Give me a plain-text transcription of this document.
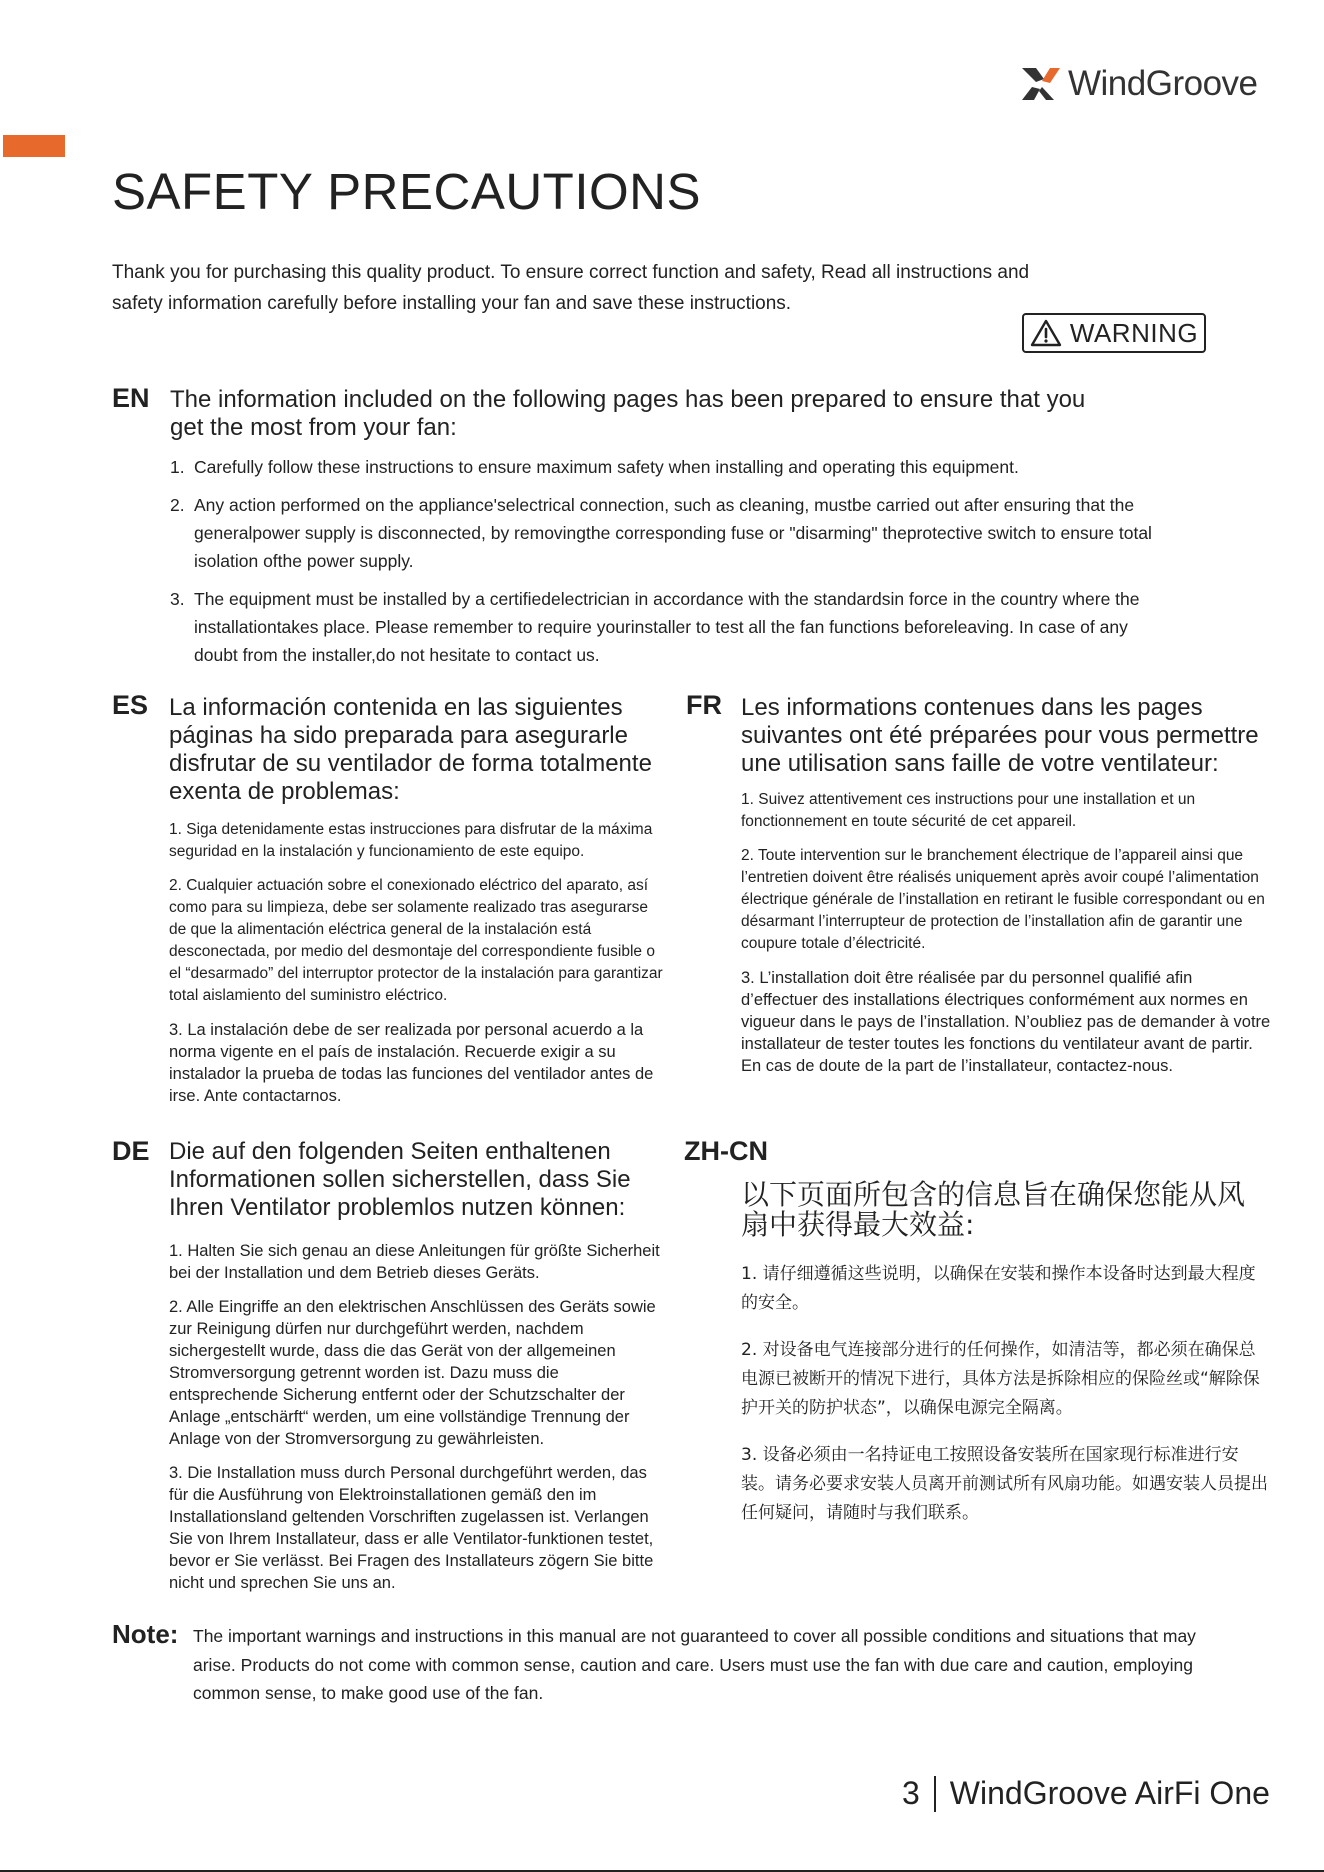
WindGroove
SAFETY PRECAUTIONS
Thank you for purchasing this quality product. To ensure correct function and safety, Read all instructions and safety information carefully before installing your fan and save these instructions.
WARNING
EN The information included on the following pages has been prepared to ensure that you get the most from your fan:
1. Carefully follow these instructions to ensure maximum safety when installing and operating this equipment.
2. Any action performed on the appliance'selectrical connection, such as cleaning, mustbe carried out after ensuring that the generalpower supply is disconnected, by removingthe corresponding fuse or "disarming" theprotective switch to ensure total isolation ofthe power supply.
3. The equipment must be installed by a certifiedelectrician in accordance with the standardsin force in the country where the installationtakes place. Please remember to require yourinstaller to test all the fan functions beforeleaving. In case of any doubt from the installer,do not hesitate to contact us.
ES La información contenida en las siguientes páginas ha sido preparada para asegurarle disfrutar de su ventilador de forma totalmente exenta de problemas:
1. Siga detenidamente estas instrucciones para disfrutar de la máxima seguridad en la instalación y funcionamiento de este equipo.
2. Cualquier actuación sobre el conexionado eléctrico del aparato, así como para su limpieza, debe ser solamente realizado tras asegurarse de que la alimentación eléctrica general de la instalación está desconectada, por medio del desmontaje del correspondiente fusible o el “desarmado” del interruptor protector de la instalación para garantizar total aislamiento del suministro eléctrico.
3. La instalación debe de ser realizada por personal acuerdo a la norma vigente en el país de instalación. Recuerde exigir a su instalador la prueba de todas las funciones del ventilador antes de irse. Ante contactarnos.
FR Les informations contenues dans les pages suivantes ont été préparées pour vous permettre une utilisation sans faille de votre ventilateur:
1. Suivez attentivement ces instructions pour une installation et un fonctionnement en toute sécurité de cet appareil.
2. Toute intervention sur le branchement électrique de l’appareil ainsi que l’entretien doivent être réalisés uniquement après avoir coupé l’alimentation électrique générale de l’installation en retirant le fusible correspondant ou en désarmant l’interrupteur de protection de l’installation afin de garantir une coupure totale d’électricité.
3. L’installation doit être réalisée par du personnel qualifié afin d’effectuer des installations électriques conformément aux normes en vigueur dans le pays de l’installation. N’oubliez pas de demander à votre installateur de tester toutes les fonctions du ventilateur avant de partir. En cas de doute de la part de l’installateur, contactez-nous.
DE Die auf den folgenden Seiten enthaltenen Informationen sollen sicherstellen, dass Sie Ihren Ventilator problemlos nutzen können:
1. Halten Sie sich genau an diese Anleitungen für größte Sicherheit bei der Installation und dem Betrieb dieses Geräts.
2. Alle Eingriffe an den elektrischen Anschlüssen des Geräts sowie zur Reinigung dürfen nur durchgeführt werden, nachdem sichergestellt wurde, dass die das Gerät von der allgemeinen Stromversorgung getrennt worden ist. Dazu muss die entsprechende Sicherung entfernt oder der Schutzschalter der Anlage „entschärft“ werden, um eine vollständige Trennung der Anlage von der Stromversorgung zu gewährleisten.
3. Die Installation muss durch Personal durchgeführt werden, das für die Ausführung von Elektroinstallationen gemäß den im Installationsland geltenden Vorschriften zugelassen ist. Verlangen Sie von Ihrem Installateur, dass er alle Ventilator-funktionen testet, bevor er Sie verlässt. Bei Fragen des Installateurs zögern Sie bitte nicht und sprechen Sie uns an.
ZH-CN
以下页面所包含的信息旨在确保您能从风扇中获得最大效益:
1. 请仔细遵循这些说明，以确保在安装和操作本设备时达到最大程度的安全。
2. 对设备电气连接部分进行的任何操作，如清洁等，都必须在确保总电源已被断开的情况下进行，具体方法是拆除相应的保险丝或“解除保护开关的防护状态”，以确保电源完全隔离。
3. 设备必须由一名持证电工按照设备安装所在国家现行标准进行安装。请务必要求安装人员离开前测试所有风扇功能。如遇安装人员提出任何疑问，请随时与我们联系。
Note: The important warnings and instructions in this manual are not guaranteed to cover all possible conditions and situations that may arise. Products do not come with common sense, caution and care. Users must use the fan with due care and caution, employing common sense, to make good use of the fan.
3 WindGroove AirFi One
